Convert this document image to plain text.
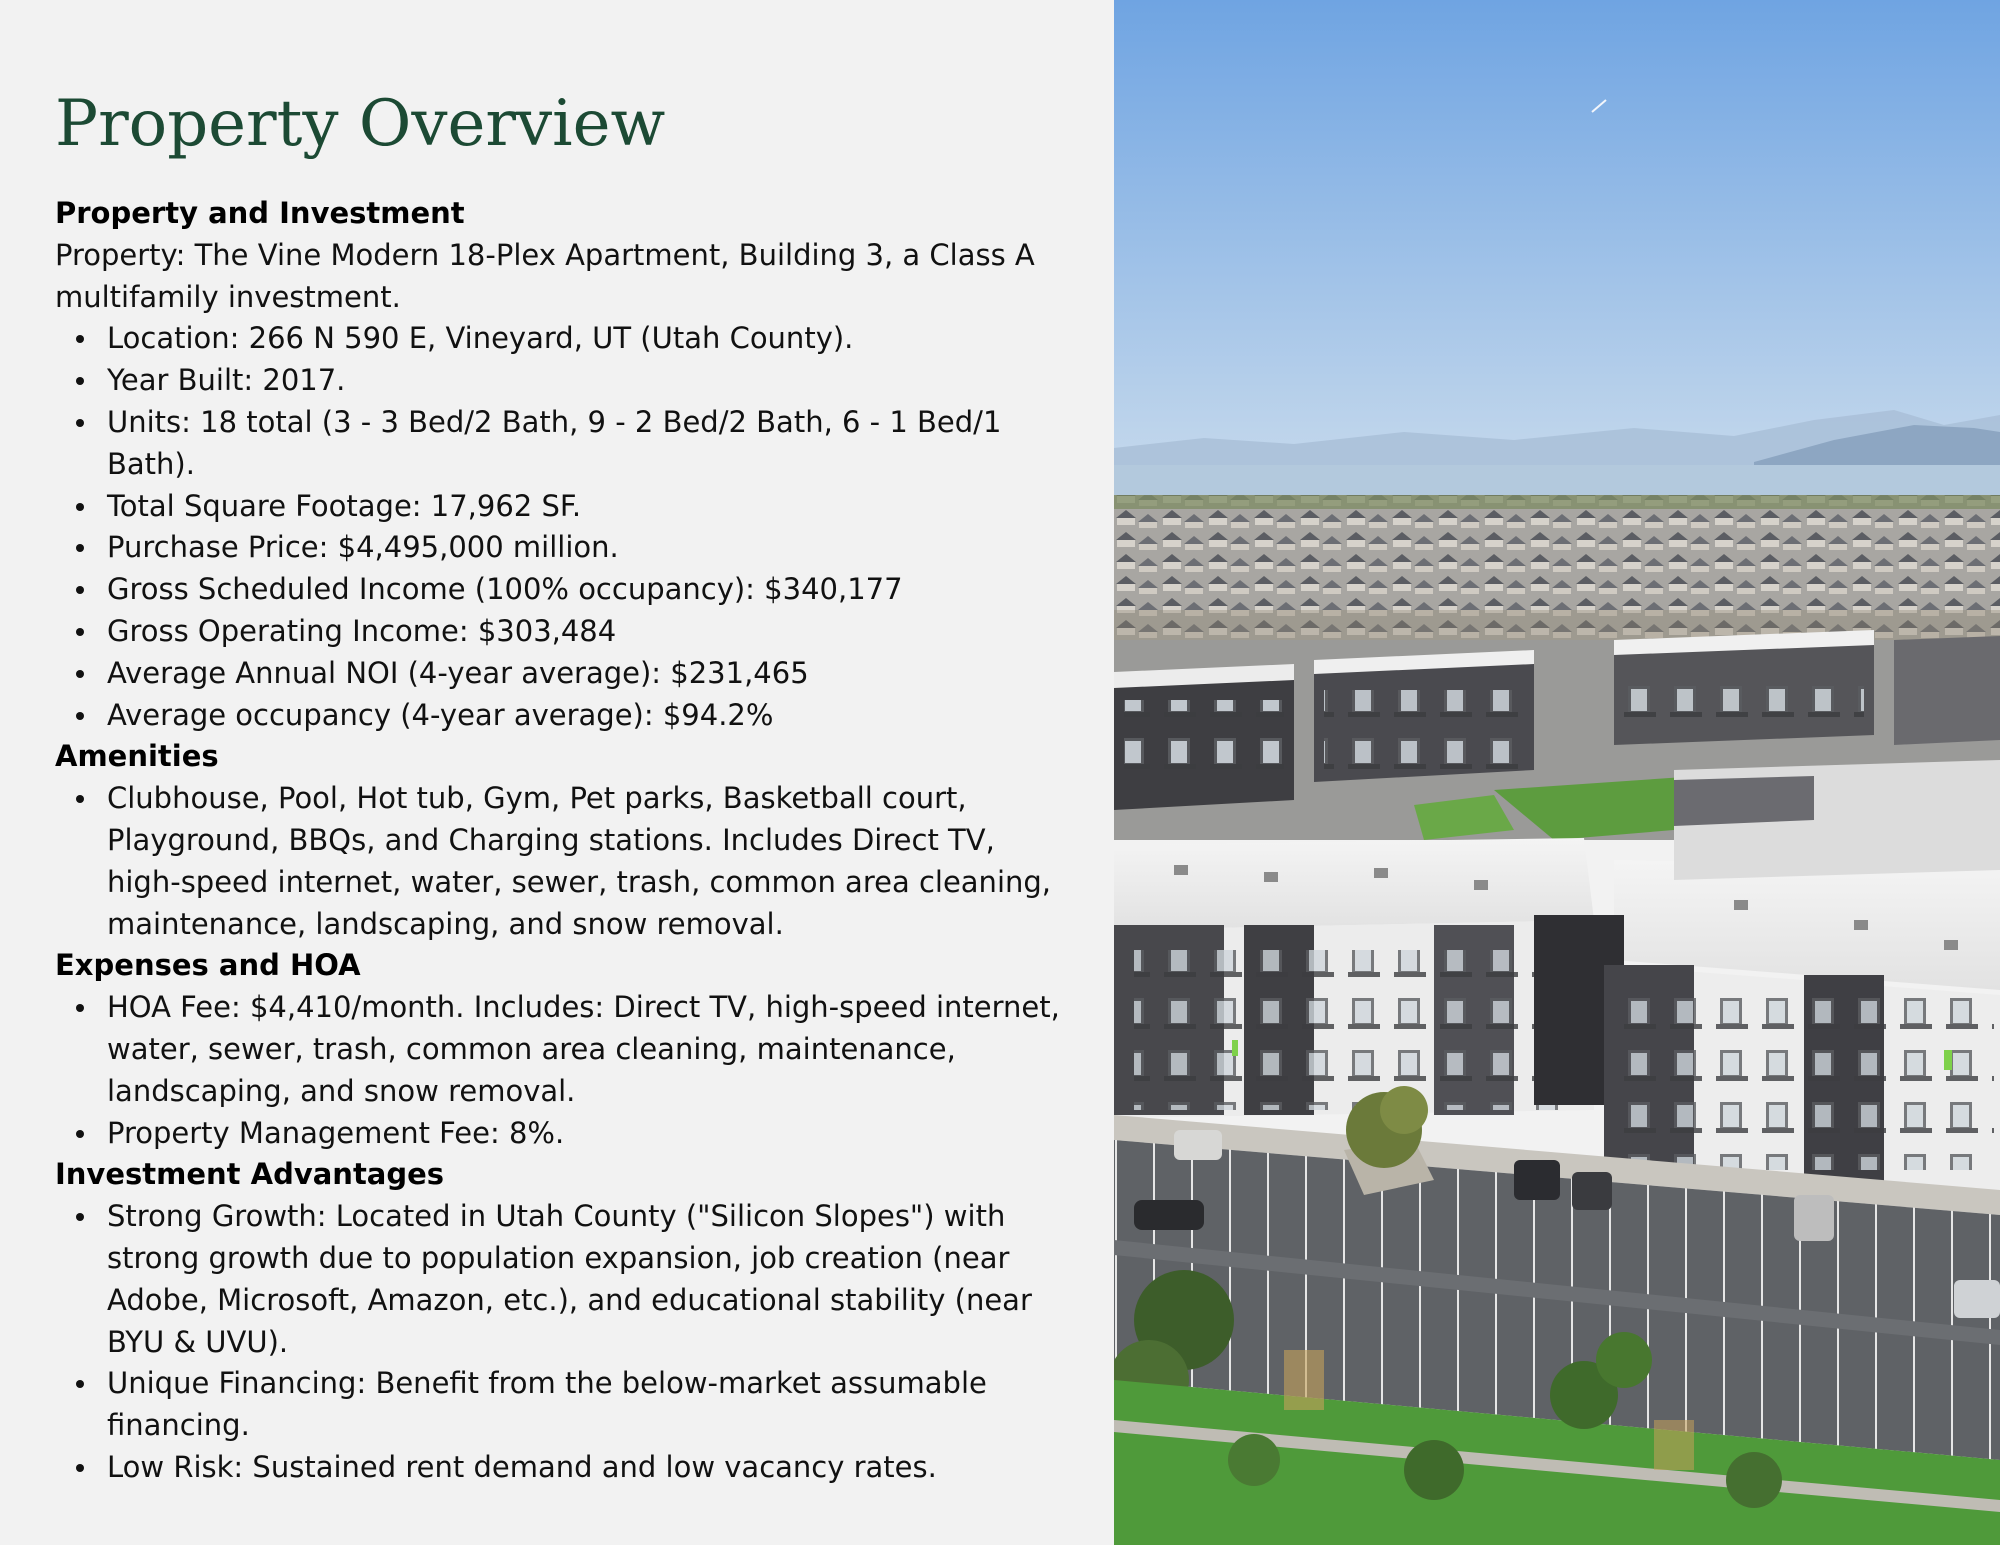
Property Overview
Property and Investment

Property: The Vine Modern 18-Plex Apartment, Building 3, a Class A multifamily investment.

Location: 266 N 590 E, Vineyard, UT (Utah County).
Year Built: 2017.
Units: 18 total (3 - 3 Bed/2 Bath, 9 - 2 Bed/2 Bath, 6 - 1 Bed/1 Bath).
Total Square Footage: 17,962 SF.
Purchase Price: $4,495,000 million.
Gross Scheduled Income (100% occupancy): $340,177
Gross Operating Income: $303,484
Average Annual NOI (4-year average): $231,465
Average occupancy (4-year average): $94.2%
Amenities
Clubhouse, Pool, Hot tub, Gym, Pet parks, Basketball court, Playground, BBQs, and Charging stations. Includes Direct TV, high-speed internet, water, sewer, trash, common area cleaning, maintenance, landscaping, and snow removal.
Expenses and HOA
HOA Fee: $4,410/month. Includes: Direct TV, high-speed internet, water, sewer, trash, common area cleaning, maintenance, landscaping, and snow removal.
Property Management Fee: 8%.
Investment Advantages
Strong Growth: Located in Utah County ("Silicon Slopes") with strong growth due to population expansion, job creation (near Adobe, Microsoft, Amazon, etc.), and educational stability (near BYU & UVU).
Unique Financing: Benefit from the below-market assumable financing.
Low Risk: Sustained rent demand and low vacancy rates.
